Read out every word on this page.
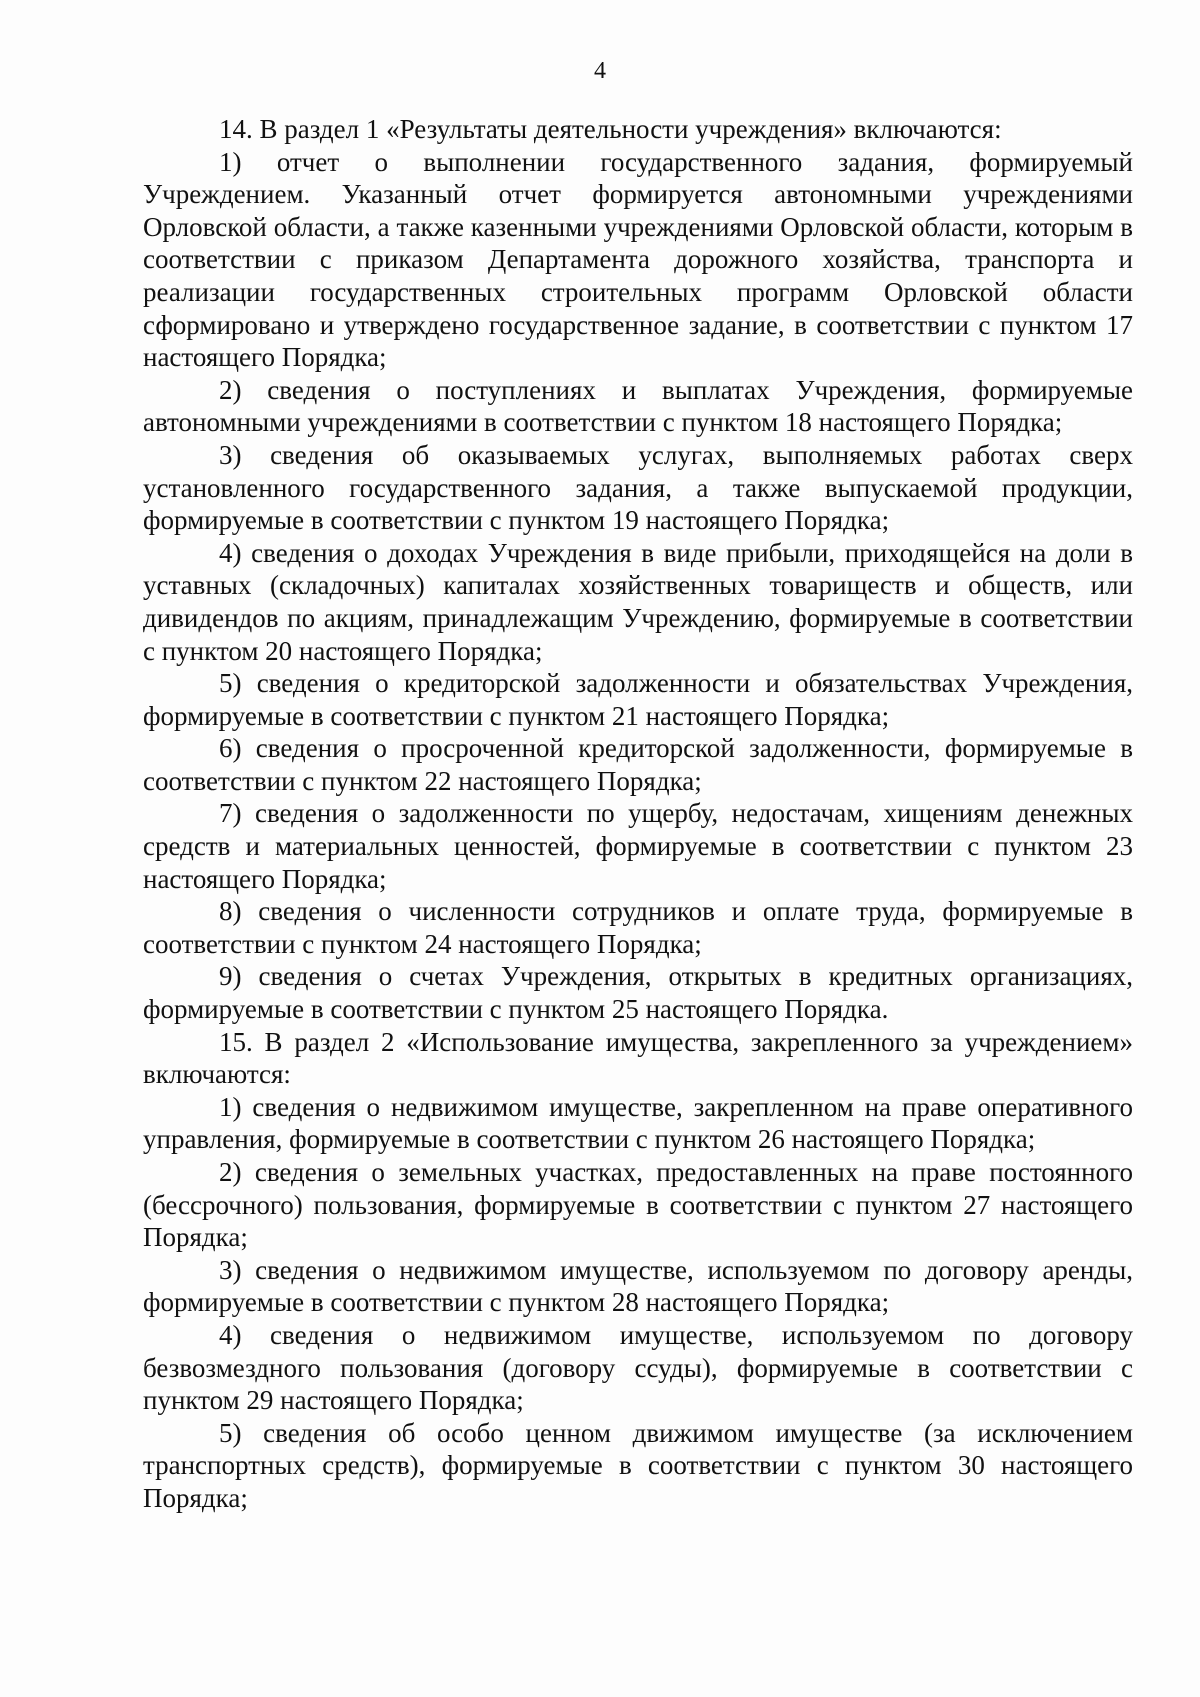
4

14. В раздел 1 «Результаты деятельности учреждения» включаются:

1) отчет о выполнении государственного задания, формируемый Учреждением. Указанный отчет формируется автономными учреждениями Орловской области, а также казенными учреждениями Орловской области, которым в соответствии с приказом Департамента дорожного хозяйства, транспорта и реализации государственных строительных программ Орловской области сформировано и утверждено государственное задание, в соответствии с пунктом 17 настоящего Порядка;

2) сведения о поступлениях и выплатах Учреждения, формируемые автономными учреждениями в соответствии с пунктом 18 настоящего Порядка;

3) сведения об оказываемых услугах, выполняемых работах сверх установленного государственного задания, а также выпускаемой продукции, формируемые в соответствии с пунктом 19 настоящего Порядка;

4) сведения о доходах Учреждения в виде прибыли, приходящейся на доли в уставных (складочных) капиталах хозяйственных товариществ и обществ, или дивидендов по акциям, принадлежащим Учреждению, формируемые в соответствии с пунктом 20 настоящего Порядка;

5) сведения о кредиторской задолженности и обязательствах Учреждения, формируемые в соответствии с пунктом 21 настоящего Порядка;

6) сведения о просроченной кредиторской задолженности, формируемые в соответствии с пунктом 22 настоящего Порядка;

7) сведения о задолженности по ущербу, недостачам, хищениям денежных средств и материальных ценностей, формируемые в соответствии с пунктом 23 настоящего Порядка;

8) сведения о численности сотрудников и оплате труда, формируемые в соответствии с пунктом 24 настоящего Порядка;

9) сведения о счетах Учреждения, открытых в кредитных организациях, формируемые в соответствии с пунктом 25 настоящего Порядка.

15. В раздел 2 «Использование имущества, закрепленного за учреждением» включаются:

1) сведения о недвижимом имуществе, закрепленном на праве оперативного управления, формируемые в соответствии с пунктом 26 настоящего Порядка;

2) сведения о земельных участках, предоставленных на праве постоянного (бессрочного) пользования, формируемые в соответствии с пунктом 27 настоящего Порядка;

3) сведения о недвижимом имуществе, используемом по договору аренды, формируемые в соответствии с пунктом 28 настоящего Порядка;

4) сведения о недвижимом имуществе, используемом по договору безвозмездного пользования (договору ссуды), формируемые в соответствии с пунктом 29 настоящего Порядка;

5) сведения об особо ценном движимом имуществе (за исключением транспортных средств), формируемые в соответствии с пунктом 30 настоящего Порядка;
